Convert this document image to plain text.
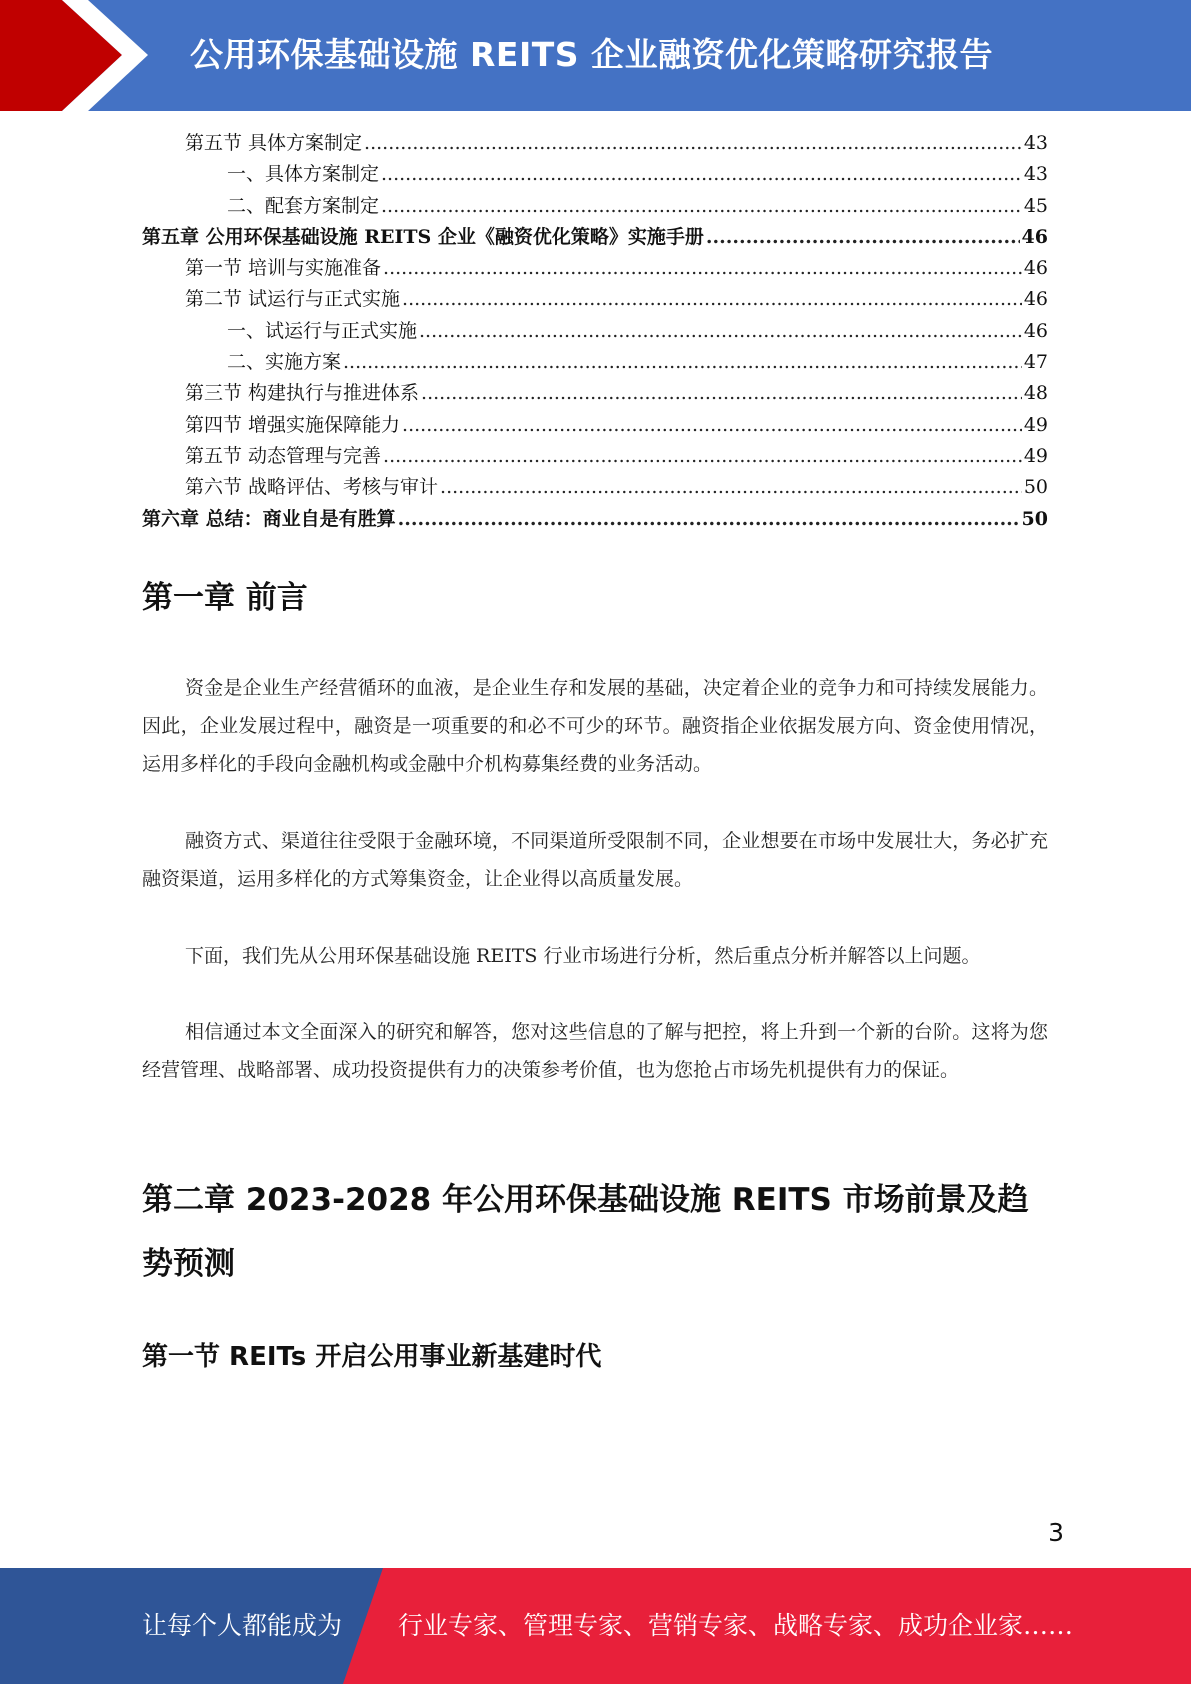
公用环保基础设施 REITS 企业融资优化策略研究报告
第五节 具体方案制定 .....	43
一、具体方案制定 .....	43
二、配套方案制定 .....	45
第五章 公用环保基础设施 REITS 企业《融资优化策略》实施手册 .....	46
第一节 培训与实施准备 .....	46
第二节 试运行与正式实施 .....	46
一、试运行与正式实施 .....	46
二、实施方案 .....	47
第三节 构建执行与推进体系 .....	48
第四节 增强实施保障能力 .....	49
第五节 动态管理与完善 .....	49
第六节 战略评估、考核与审计 .....	50
第六章 总结：商业自是有胜算 .....	50
第一章 前言

资金是企业生产经营循环的血液，是企业生存和发展的基础，决定着企业的竞争力和可持续发展能力。因此，企业发展过程中，融资是一项重要的和必不可少的环节。融资指企业依据发展方向、资金使用情况，运用多样化的手段向金融机构或金融中介机构募集经费的业务活动。

融资方式、渠道往往受限于金融环境，不同渠道所受限制不同，企业想要在市场中发展壮大，务必扩充融资渠道，运用多样化的方式筹集资金，让企业得以高质量发展。

下面，我们先从公用环保基础设施 REITS 行业市场进行分析，然后重点分析并解答以上问题。

相信通过本文全面深入的研究和解答，您对这些信息的了解与把控，将上升到一个新的台阶。这将为您经营管理、战略部署、成功投资提供有力的决策参考价值，也为您抢占市场先机提供有力的保证。

第二章 2023-2028 年公用环保基础设施 REITS 市场前景及趋势预测
第一节 REITs 开启公用事业新基建时代
3
让每个人都能成为 行业专家、管理专家、营销专家、战略专家、成功企业家……
